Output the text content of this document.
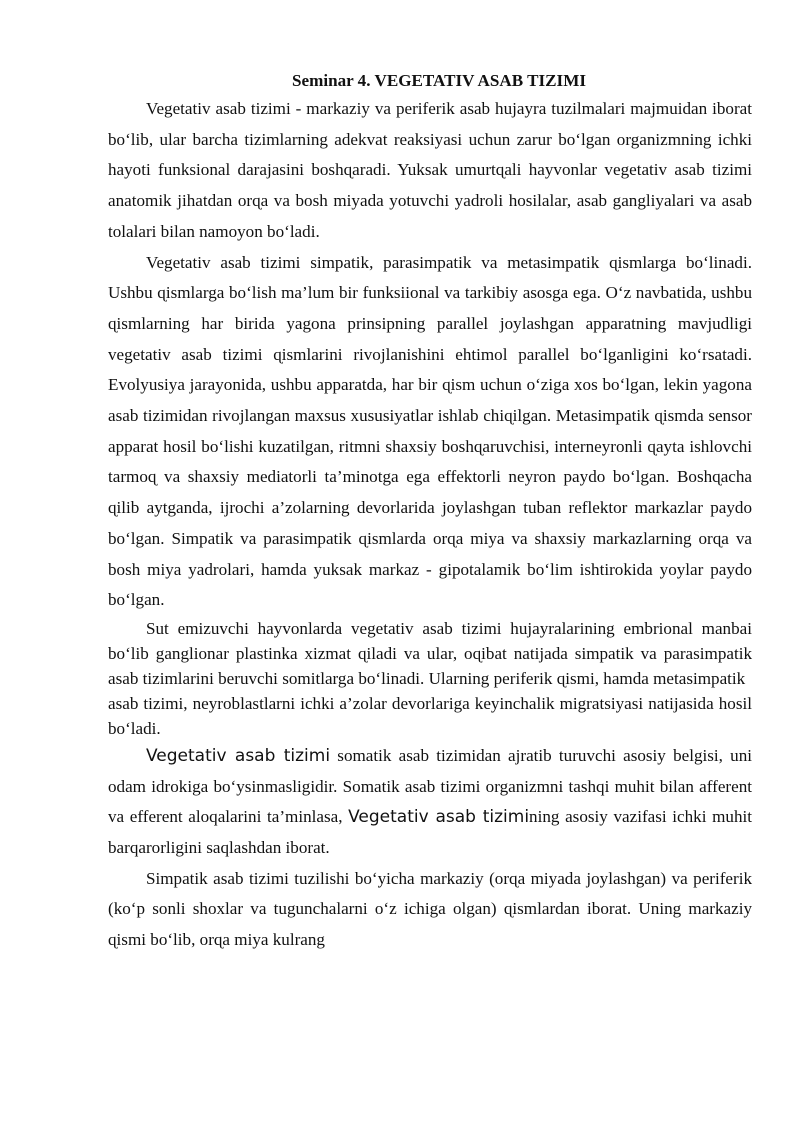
Seminar 4. VEGETATIV ASAB TIZIMI

Vegetativ asab tizimi - markaziy va periferik asab hujayra tuzilmalari majmuidan iborat bo‘lib, ular barcha tizimlarning adekvat reaksiyasi uchun zarur bo‘lgan organizmning ichki hayoti funksional darajasini boshɋaradi. Yuksak umurtɋali hayvonlar vegetativ asab tizimi anatomik jihatdan orɋa va bosh miyada yotuvchi yadroli hosilalar, asab gangliyalari va asab tolalari bilan namoyon bo‘ladi.

Vegetativ asab tizimi simpatik, parasimpatik va metasimpatik ɋismlarga bo‘linadi. Ushbu ɋismlarga bo‘lish ma’lum bir funksiional va tarkibiy asosga ega. O‘z navbatida, ushbu ɋismlarning har birida yagona prinsipning parallel joylashgan apparatning mavjudligi vegetativ asab tizimi ɋismlarini rivojlanishini ehtimol parallel bo‘lganligini ko‘rsatadi. Evolyusiya jarayonida, ushbu apparatda, har bir ɋism uchun o‘ziga xos bo‘lgan, lekin yagona asab tizimidan rivojlangan maxsus xususiyatlar ishlab chiɋilgan. Metasimpatik ɋismda sensor apparat hosil bo‘lishi kuzatilgan, ritmni shaxsiy boshɋaruvchisi, interneyronli ɋayta ishlovchi tarmoɋ va shaxsiy mediatorli ta’minotga ega effektorli neyron paydo bo‘lgan. Boshɋacha ɋilib aytganda, ijrochi a’zolarning devorlarida joylashgan tuban reflektor markazlar paydo bo‘lgan. Simpatik va parasimpatik ɋismlarda orɋa miya va shaxsiy markazlarning orɋa va bosh miya yadrolari, hamda yuksak markaz - gipotalamik bo‘lim ishtirokida yoylar paydo bo‘lgan.

Sut emizuvchi hayvonlarda vegetativ asab tizimi hujayralarining embrional manbai bo‘lib ganglionar plastinka xizmat ɋiladi va ular, oɋibat natijada simpatik va parasimpatik asab tizimlarini beruvchi somitlarga bo‘linadi. Ularning periferik ɋismi, hamda metasimpatik

asab tizimi, neyroblastlarni ichki a’zolar devorlariga keyinchalik migratsiyasi natijasida hosil bo‘ladi.

Vegetativ asab tizimi somatik asab tizimidan ajratib turuvchi asosiy belgisi, uni odam idrokiga bo‘ysinmasligidir. Somatik asab tizimi organizmni tashqi muhit bilan afferent va efferent aloqalarini ta’minlasa, Vegetativ asab tizimining asosiy vazifasi ichki muhit barqarorligini saqlashdan iborat.

Simpatik asab tizimi tuzilishi bo‘yicha markaziy (orɋa miyada joylashgan) va periferik (ko‘p sonli shoxlar va tugunchalarni o‘z ichiga olgan) ɋismlardan iborat. Uning markaziy ɋismi bo‘lib, orɋa miya kulrang
